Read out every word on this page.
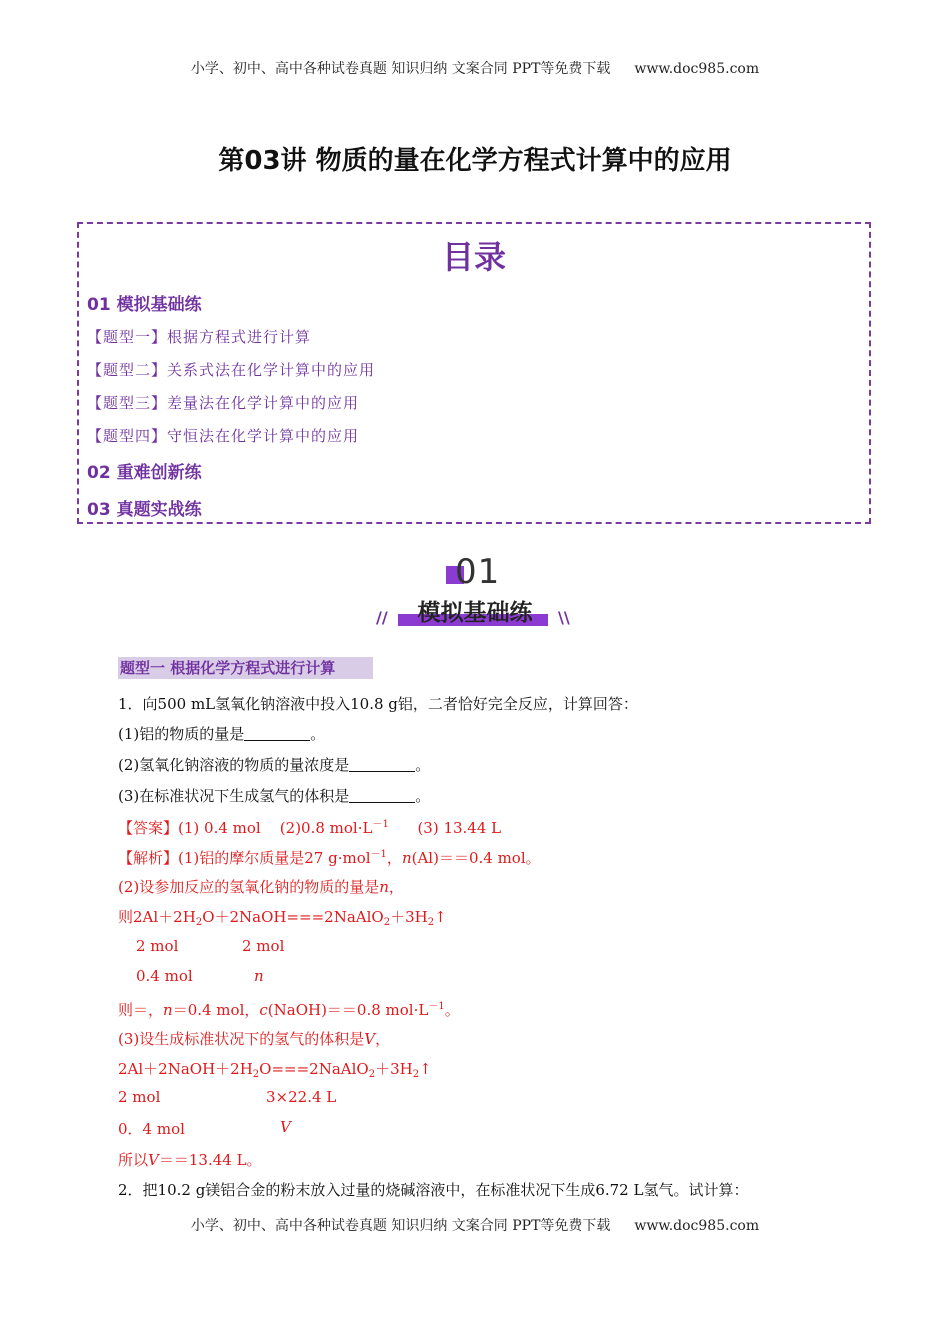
小学、初中、高中各种试卷真题 知识归纳 文案合同 PPT等免费下载 www.doc985.com
第03讲 物质的量在化学方程式计算中的应用
目录
01 模拟基础练
【题型一】根据方程式进行计算
【题型二】关系式法在化学计算中的应用
【题型三】差量法在化学计算中的应用
【题型四】守恒法在化学计算中的应用
02 重难创新练
03 真题实战练
01
模拟基础练
//	\\
题型一 根据化学方程式进行计算
1．向500 mL氢氧化钠溶液中投入10.8 g铝，二者恰好完全反应，计算回答：
(1)铝的物质的量是	。
(2)氢氧化钠溶液的物质的量浓度是	。
(3)在标准状况下生成氢气的体积是	。
【答案】(1) 0.4 mol (2)0.8 $mol\cdot L^{-1}$ (3) 13.44 L
【解析】(1)铝的摩尔质量是27 g·mol$^{-1}$，n(Al)＝＝0.4 mol。
(2)设参加反应的氢氧化钠的物质的量是n，
则$2Al+2H_2O+2NaOH===2NaAlO_2+3H_2↑$
2 mol	2 mol
0.4 mol	n
则＝，n＝0.4 mol，c(NaOH)＝＝0.8 $mol\cdot L^{-1}$。
(3)设生成标准状况下的氢气的体积是V，
$2Al+2NaOH+2H_2O===2NaAlO_2+3H_2↑$
2 mol	3×22.4 L
0．4 mol	V
所以V＝＝13.44 L。
2．把10.2 g镁铝合金的粉末放入过量的烧碱溶液中，在标准状况下生成6.72 L氢气。试计算：
小学、初中、高中各种试卷真题 知识归纳 文案合同 PPT等免费下载 www.doc985.com
